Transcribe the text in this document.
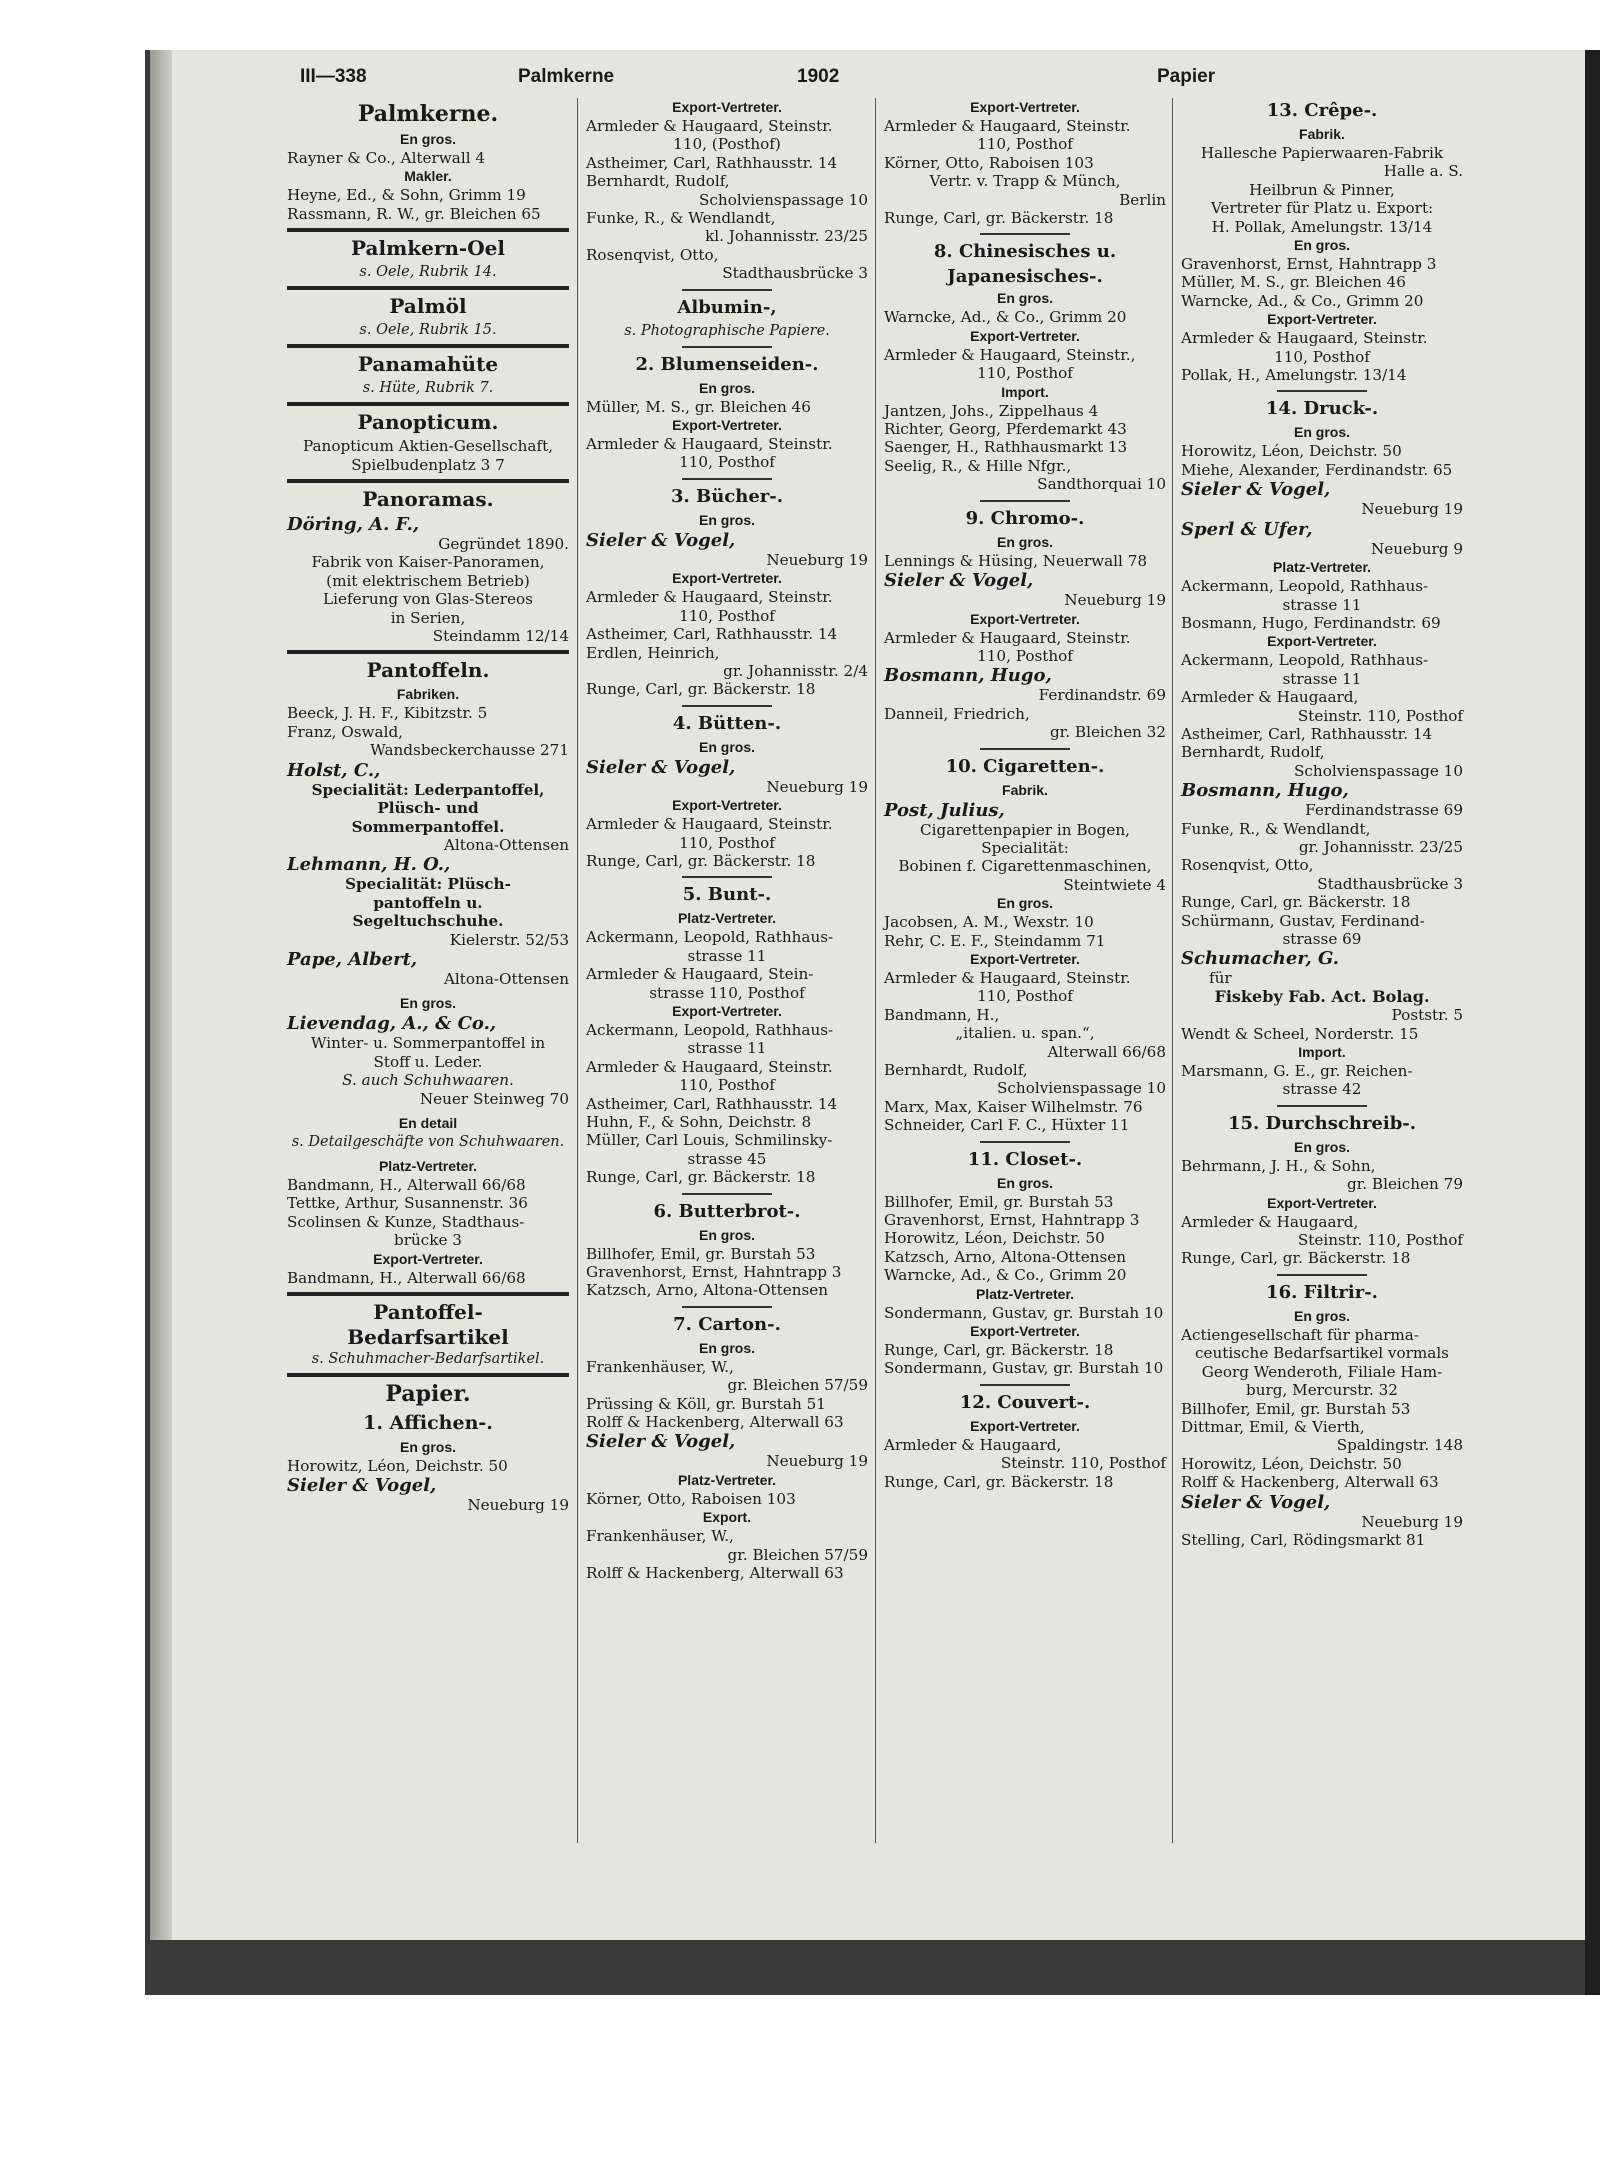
III—338	Palmkerne	1902	Papier
Palmkerne.
En gros.
Rayner & Co., Alterwall 4
Makler.
Heyne, Ed., & Sohn, Grimm 19
Rassmann, R. W., gr. Bleichen 65
Palmkern-Oel
s. Oele, Rubrik 14.
Palmöl
s. Oele, Rubrik 15.
Panamahüte
s. Hüte, Rubrik 7.
Panopticum.
Panopticum Aktien-Gesellschaft,
Spielbudenplatz 3 7
Panoramas.
Döring, A. F.,
Gegründet 1890.
Fabrik von Kaiser-Panoramen,
(mit elektrischem Betrieb)
Lieferung von Glas-Stereos
in Serien,
Steindamm 12/14
Pantoffeln.
Fabriken.
Beeck, J. H. F., Kibitzstr. 5
Franz, Oswald,
Wandsbeckerchausse 271
Holst, C.,
Specialität: Lederpantoffel,
Plüsch- und
Sommerpantoffel.
Altona-Ottensen
Lehmann, H. O.,
Specialität: Plüsch-
pantoffeln u.
Segeltuchschuhe.
Kielerstr. 52/53
Pape, Albert,
Altona-Ottensen
En gros.
Lievendag, A., & Co.,
Winter- u. Sommerpantoffel in
Stoff u. Leder.
S. auch Schuhwaaren.
Neuer Steinweg 70
En detail
s. Detailgeschäfte von Schuhwaaren.
Platz-Vertreter.
Bandmann, H., Alterwall 66/68
Tettke, Arthur, Susannenstr. 36
Scolinsen & Kunze, Stadthaus-
brücke 3
Export-Vertreter.
Bandmann, H., Alterwall 66/68
Pantoffel-
Bedarfsartikel
s. Schuhmacher-Bedarfsartikel.
Papier.
1. Affichen-.
En gros.
Horowitz, Léon, Deichstr. 50
Sieler & Vogel,
Neueburg 19
Export-Vertreter.
Armleder & Haugaard, Steinstr.
110, (Posthof)
Astheimer, Carl, Rathhausstr. 14
Bernhardt, Rudolf,
Scholvienspassage 10
Funke, R., & Wendlandt,
kl. Johannisstr. 23/25
Rosenqvist, Otto,
Stadthausbrücke 3
Albumin-,
s. Photographische Papiere.
2. Blumenseiden-.
En gros.
Müller, M. S., gr. Bleichen 46
Export-Vertreter.
Armleder & Haugaard, Steinstr.
110, Posthof
3. Bücher-.
En gros.
Sieler & Vogel,
Neueburg 19
Export-Vertreter.
Armleder & Haugaard, Steinstr.
110, Posthof
Astheimer, Carl, Rathhausstr. 14
Erdlen, Heinrich,
gr. Johannisstr. 2/4
Runge, Carl, gr. Bäckerstr. 18
4. Bütten-.
En gros.
Sieler & Vogel,
Neueburg 19
Export-Vertreter.
Armleder & Haugaard, Steinstr.
110, Posthof
Runge, Carl, gr. Bäckerstr. 18
5. Bunt-.
Platz-Vertreter.
Ackermann, Leopold, Rathhaus-
strasse 11
Armleder & Haugaard, Stein-
strasse 110, Posthof
Export-Vertreter.
Ackermann, Leopold, Rathhaus-
strasse 11
Armleder & Haugaard, Steinstr.
110, Posthof
Astheimer, Carl, Rathhausstr. 14
Huhn, F., & Sohn, Deichstr. 8
Müller, Carl Louis, Schmilinsky-
strasse 45
Runge, Carl, gr. Bäckerstr. 18
6. Butterbrot-.
En gros.
Billhofer, Emil, gr. Burstah 53
Gravenhorst, Ernst, Hahntrapp 3
Katzsch, Arno, Altona-Ottensen
7. Carton-.
En gros.
Frankenhäuser, W.,
gr. Bleichen 57/59
Prüssing & Köll, gr. Burstah 51
Rolff & Hackenberg, Alterwall 63
Sieler & Vogel,
Neueburg 19
Platz-Vertreter.
Körner, Otto, Raboisen 103
Export.
Frankenhäuser, W.,
gr. Bleichen 57/59
Rolff & Hackenberg, Alterwall 63
Export-Vertreter.
Armleder & Haugaard, Steinstr.
110, Posthof
Körner, Otto, Raboisen 103
Vertr. v. Trapp & Münch,
Berlin
Runge, Carl, gr. Bäckerstr. 18
8. Chinesisches u.
Japanesisches-.
En gros.
Warncke, Ad., & Co., Grimm 20
Export-Vertreter.
Armleder & Haugaard, Steinstr.,
110, Posthof
Import.
Jantzen, Johs., Zippelhaus 4
Richter, Georg, Pferdemarkt 43
Saenger, H., Rathhausmarkt 13
Seelig, R., & Hille Nfgr.,
Sandthorquai 10
9. Chromo-.
En gros.
Lennings & Hüsing, Neuerwall 78
Sieler & Vogel,
Neueburg 19
Export-Vertreter.
Armleder & Haugaard, Steinstr.
110, Posthof
Bosmann, Hugo,
Ferdinandstr. 69
Danneil, Friedrich,
gr. Bleichen 32
10. Cigaretten-.
Fabrik.
Post, Julius,
Cigarettenpapier in Bogen,
Specialität:
Bobinen f. Cigarettenmaschinen,
Steintwiete 4
En gros.
Jacobsen, A. M., Wexstr. 10
Rehr, C. E. F., Steindamm 71
Export-Vertreter.
Armleder & Haugaard, Steinstr.
110, Posthof
Bandmann, H.,
„italien. u. span.“,
Alterwall 66/68
Bernhardt, Rudolf,
Scholvienspassage 10
Marx, Max, Kaiser Wilhelmstr. 76
Schneider, Carl F. C., Hüxter 11
11. Closet-.
En gros.
Billhofer, Emil, gr. Burstah 53
Gravenhorst, Ernst, Hahntrapp 3
Horowitz, Léon, Deichstr. 50
Katzsch, Arno, Altona-Ottensen
Warncke, Ad., & Co., Grimm 20
Platz-Vertreter.
Sondermann, Gustav, gr. Burstah 10
Export-Vertreter.
Runge, Carl, gr. Bäckerstr. 18
Sondermann, Gustav, gr. Burstah 10
12. Couvert-.
Export-Vertreter.
Armleder & Haugaard,
Steinstr. 110, Posthof
Runge, Carl, gr. Bäckerstr. 18
13. Crêpe-.
Fabrik.
Hallesche Papierwaaren-Fabrik
Halle a. S.
Heilbrun & Pinner,
Vertreter für Platz u. Export:
H. Pollak, Amelungstr. 13/14
En gros.
Gravenhorst, Ernst, Hahntrapp 3
Müller, M. S., gr. Bleichen 46
Warncke, Ad., & Co., Grimm 20
Export-Vertreter.
Armleder & Haugaard, Steinstr.
110, Posthof
Pollak, H., Amelungstr. 13/14
14. Druck-.
En gros.
Horowitz, Léon, Deichstr. 50
Miehe, Alexander, Ferdinandstr. 65
Sieler & Vogel,
Neueburg 19
Sperl & Ufer,
Neueburg 9
Platz-Vertreter.
Ackermann, Leopold, Rathhaus-
strasse 11
Bosmann, Hugo, Ferdinandstr. 69
Export-Vertreter.
Ackermann, Leopold, Rathhaus-
strasse 11
Armleder & Haugaard,
Steinstr. 110, Posthof
Astheimer, Carl, Rathhausstr. 14
Bernhardt, Rudolf,
Scholvienspassage 10
Bosmann, Hugo,
Ferdinandstrasse 69
Funke, R., & Wendlandt,
gr. Johannisstr. 23/25
Rosenqvist, Otto,
Stadthausbrücke 3
Runge, Carl, gr. Bäckerstr. 18
Schürmann, Gustav, Ferdinand-
strasse 69
Schumacher, G.
für
Fiskeby Fab. Act. Bolag.
Poststr. 5
Wendt & Scheel, Norderstr. 15
Import.
Marsmann, G. E., gr. Reichen-
strasse 42
15. Durchschreib-.
En gros.
Behrmann, J. H., & Sohn,
gr. Bleichen 79
Export-Vertreter.
Armleder & Haugaard,
Steinstr. 110, Posthof
Runge, Carl, gr. Bäckerstr. 18
16. Filtrir-.
En gros.
Actiengesellschaft für pharma-
ceutische Bedarfsartikel vormals
Georg Wenderoth, Filiale Ham-
burg, Mercurstr. 32
Billhofer, Emil, gr. Burstah 53
Dittmar, Emil, & Vierth,
Spaldingstr. 148
Horowitz, Léon, Deichstr. 50
Rolff & Hackenberg, Alterwall 63
Sieler & Vogel,
Neueburg 19
Stelling, Carl, Rödingsmarkt 81
